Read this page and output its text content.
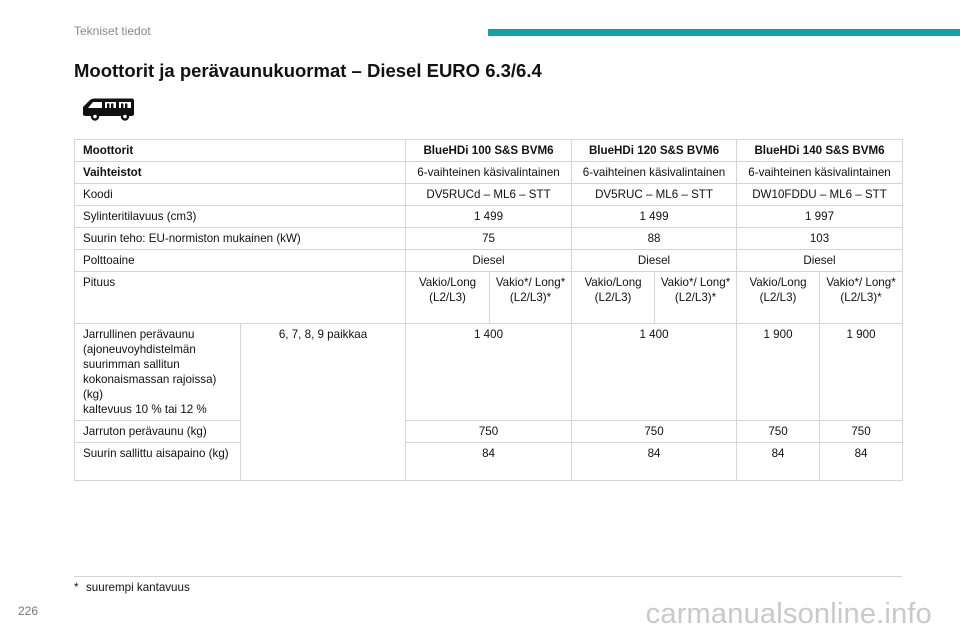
Tekniset tiedot
Moottorit ja perävaunukuormat – Diesel EURO 6.3/6.4
Moottorit		BlueHDi 100 S&S BVM6		BlueHDi 120 S&S BVM6		BlueHDi 140 S&S BVM6	
Vaihteistot		6-vaihteinen käsivalintainen		6-vaihteinen käsivalintainen		6-vaihteinen käsivalintainen	
Koodi		DV5RUCd – ML6 – STT		DV5RUC – ML6 – STT		DW10FDDU – ML6 – STT	
Sylinteritilavuus (cm3)		1 499		1 499		1 997	
Suurin teho: EU-normiston mukainen (kW)		75		88		103	
Polttoaine		Diesel		Diesel		Diesel	
Pituus		Vakio/Long (L2/L3)	Vakio*/ Long* (L2/L3)*	Vakio/Long (L2/L3)	Vakio*/ Long* (L2/L3)*	Vakio/Long (L2/L3)	Vakio*/ Long* (L2/L3)*
Jarrullinen perävaunu (ajoneuvoyhdistelmän suurimman sallitun kokonaismassan rajoissa) (kg)
kaltevuus 10 % tai 12 %	6, 7, 8, 9 paikkaa	1 400		1 400		1 900	1 900
Jarruton perävaunu (kg)		750		750		750	750
Suurin sallittu aisapaino (kg)		84		84		84	84
* suurempi kantavuus
226	carmanualsonline.info
